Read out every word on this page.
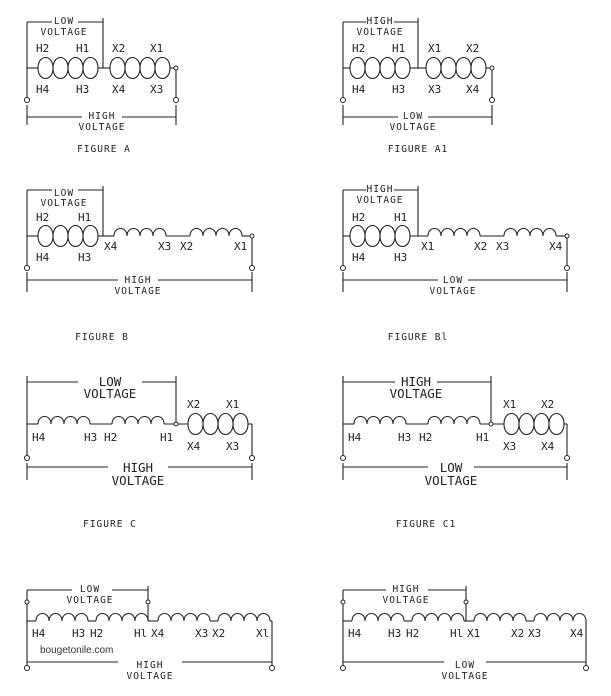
LOW
VOLTAGE
H2 H1
H4 H3
X2 X1
X4 X3
HIGH
VOLTAGE
FIGURE A
HIGH
VOLTAGE
H2 H1
H4 H3
X1 X2
X3 X4
LOW
VOLTAGE
FIGURE A1
LOW
VOLTAGE
H2	H1
H4	H3
X4	X3 X2	X1
HIGH
VOLTAGE
FIGURE B
HIGH
VOLTAGE
H2	H1
H4	H3
X1	X2 X3	X4
LOW
VOLTAGE
FIGURE Bl
LOW
VOLTAGE
H4	H3 H2	H1
X2 X1
X4 X3
HIGH
VOLTAGE
FIGURE C
HIGH
VOLTAGE
H4	H3 H2	H1
X1 X2
X3 X4
LOW
VOLTAGE
FIGURE C1
LOW
VOLTAGE
H4 H3 H2	Hl X4	X3 X2	Xl
bougetonile.com
HIGH
VOLTAGE
HIGH
VOLTAGE
H4 H3 H2	Hl X1	X2 X3	X4
LOW
VOLTAGE
